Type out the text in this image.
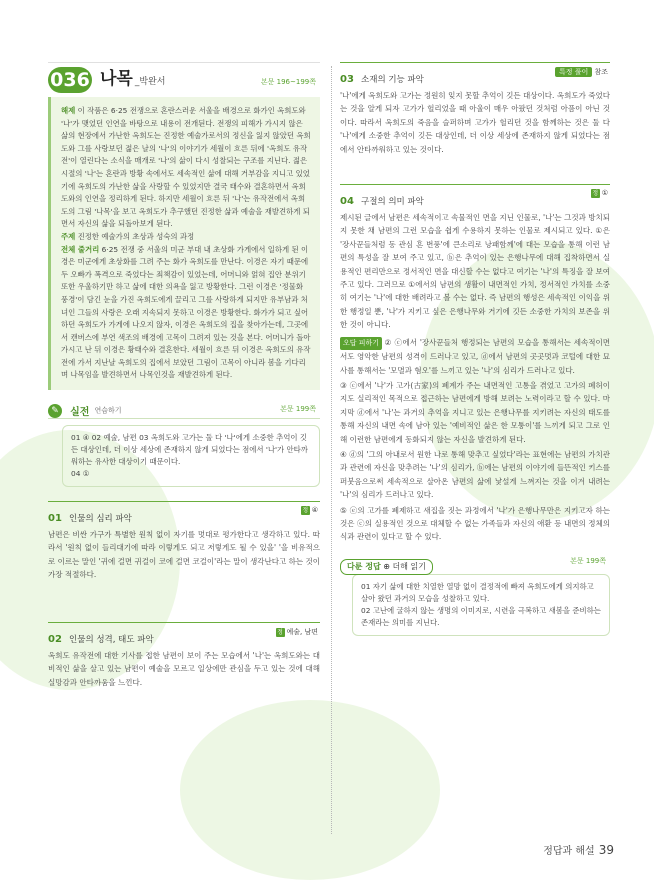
036 나목 _박완서	본문 196~199쪽
해제 이 작품은 6·25 전쟁으로 혼란스러운 서울을 배경으로 화가인 옥희도와 '나'가 맺었던 인연을 바탕으로 내용이 전개된다. 전쟁의 피해가 가시지 않은 삶의 현장에서 가난한 옥희도는 진정한 예술가로서의 정신을 잃지 않았던 옥희도와 그를 사랑보던 젊은 날의 '나'의 이야기가 세월이 흐른 뒤에 '옥희도 유작전'이 열린다는 소식을 매개로 '나'의 삶이 다시 성찰되는 구조를 지닌다. 젊은 시절의 '나'는 혼란과 방황 속에서도 세속적인 삶에 대해 거부감을 지니고 있었기에 옥희도의 가난한 삶을 사랑할 수 있었지만 결국 태수와 결혼하면서 옥희도와의 인연을 정리하게 된다. 하지만 세월이 흐른 뒤 '나'는 유작전에서 옥희도의 그림 '나목'을 보고 옥희도가 추구했던 진정한 삶과 예술을 재발견하게 되면서 자신의 삶을 되돌아보게 된다.
주제 진정한 예술가의 초상과 성숙의 과정
전체 줄거리 6·25 전쟁 중 서울의 미군 부대 내 초상화 가게에서 일하게 된 이경은 미군에게 초상화를 그려 주는 화가 옥희도를 만난다. 이경은 자기 때문에 두 오빠가 폭격으로 죽었다는 죄책감이 있었는데, 어머니와 얽혀 집안 분위기 또한 우울하기만 하고 삶에 대한 의욕을 잃고 방황한다. 그런 이경은 '정물화 풍경'이 담긴 눈을 가진 옥희도에게 끌리고 그를 사랑하게 되지만 유부남과 처녀인 그들의 사랑은 오래 지속되지 못하고 이경은 방황한다. 화가가 되고 싶어 하던 옥희도가 가게에 나오지 않자, 이경은 옥희도의 집을 찾아가는데, 그곳에서 캔버스에 부연 색조의 배경에 고목이 그려져 있는 것을 본다. 어머니가 돌아가시고 난 뒤 이경은 황태수와 결혼한다. 세월이 흐른 뒤 이경은 옥희도의 유작전에 가서 지난날 옥희도의 집에서 보았던 그림이 고목이 아니라 봄을 기다리며 나목임을 발견하면서 나목인것을 재발견하게 된다.
✎ 실전 연습하기	본문 199쪽
01 ④ 02 예술, 남편 03 옥희도와 고가는 둘 다 '나'에게 소중한 추억이 깃든 대상인데, 더 이상 세상에 존재하지 않게 되었다는 점에서 '나'가 안타까워하는 유사한 대상이기 때문이다.
04 ①
01 인물의 심리 파악
정 ④
남편은 비싼 가구가 특별한 원칙 없이 자기를 멋대로 평가한다고 생각하고 있다. 따라서 '원칙 없이 들리대기에 따라 이렇게도 되고 저렇게도 될 수 있을' '을 비유적으로 이르는 말인 '귀에 걸면 귀걸이 코에 걸면 코걸이'라는 말이 생각난다고 하는 것이 가장 적절하다.
02 인물의 성격, 태도 파악
정 예술, 남편
옥희도 유작전에 대한 기사를 접한 남편이 보이 주는 모습에서 '나'는 옥희도와는 대비적인 삶을 살고 있는 남편이 예술을 모르고 일상에만 관심을 두고 있는 것에 대해 실망감과 안타까움을 느낀다.
03 소재의 기능 파악
특정 풀이 참조
'나'에게 옥희도와 고가는 정원히 잊지 못할 추억이 깃든 대상이다. 옥희도가 죽었다는 것을 알게 되자 고가가 헐리었을 때 아울이 매우 아팠던 것처럼 아픔이 아닌 것이다. 따라서 옥희도의 죽음을 슬퍼하며 고가가 헐리던 것을 함께하는 것은 둘 다 '나'에게 소중한 추억이 깃든 대상인데, 더 이상 세상에 존재하지 않게 되었다는 점에서 안타까워하고 있는 것이다.
04 구절의 의미 파악
정 ①
제시된 글에서 남편은 세속적이고 속물적인 면을 지닌 인물로, '나'는 그것과 방치되지 못한 채 남편의 그런 모습을 쉽게 수용하지 못하는 인물로 제시되고 있다. ①은 '장사꾼들처럼 동 관심 흔 번풍'에 큰소리로 낭패함께'에 대는 모습을 통해 이런 남편의 특성을 잘 보여 주고 있고, ⓑ은 추억이 있는 은행나무에 대해 집착하면서 실용적인 편리만으로 정서적인 면을 대신할 수는 없다고 여기는 '나'의 특징을 잘 보여 주고 있다. 그러므로 ①에서의 남편의 생활이 내면적인 가치, 정서적인 가치를 소중히 여기는 '나'에 대한 배려라고 볼 수는 없다. 즉 남편의 행성은 세속적인 이익을 위한 행정일 뿐, '나'가 지키고 싶은 은행나무와 거기에 깃든 소중한 가치의 보존을 위한 것이 아니다.
오답 피하기 ② ⓒ에서 '장사꾼들처 행정되는 남편의 모습을 통해서는 세속적이면서도 영악한 남편의 성격이 드러나고 있고, ⓓ에서 남편의 곳곳멋과 코털에 대한 묘사를 통해서는 '모멸과 혐오'를 느끼고 있는 '나'의 심리가 드러나고 있다.
③ ⓒ에서 '나'가 고가(古家)의 폐계가 주는 내면적인 고통을 겪었고 고가의 폐허이지도 실리적인 목적으로 접근하는 남편에게 방해 보려는 노력이라고 할 수 있다. 마지막 ⓓ에서 '나'는 과거의 추억을 지니고 있는 은행나무를 지키려는 자신의 태도를 통해 자신의 내면 속에 남아 있는 '예비적인 삶은 한 모퉁이'를 느끼게 되고 그로 인해 이런한 남편에게 동화되지 않는 자신을 발견하게 된다.
④ ⓓ의 '그의 아내로서 원한 나로 통해 맞추고 싶었다'라는 표현에는 남편의 가치관과 관련에 자신을 맞추려는 '나'의 심리가, ⓑ에는 남편의 이야기에 들뜬적인 키스를 퍼붓음으로써 세속적으로 살아온 남편의 삶에 낯설게 느껴지는 것을 이겨 내려는 '나'의 심리가 드러나고 있다.
⑤ ⓔ의 고가를 폐제하고 새집을 짓는 과정에서 '나'가 은행나무만은 지키고자 하는 것은 ⓒ의 실용적인 것으로 대체할 수 없는 가족들과 자신의 애환 등 내면의 정체의식과 관련이 있다고 할 수 있다.
다룬 정답 ⊕ 더해 읽기
본문 199쪽
01 자기 삶에 대한 치열한 열망 없이 결정적에 빠져 옥희도에게 의지하고 살아 왔던 과거의 모습을 성찰하고 있다.
02 고난에 굴하지 않는 생명의 이미지로, 시련을 극복하고 새봄을 준비하는 존재라는 의미를 지닌다.
정답과 해설 39
